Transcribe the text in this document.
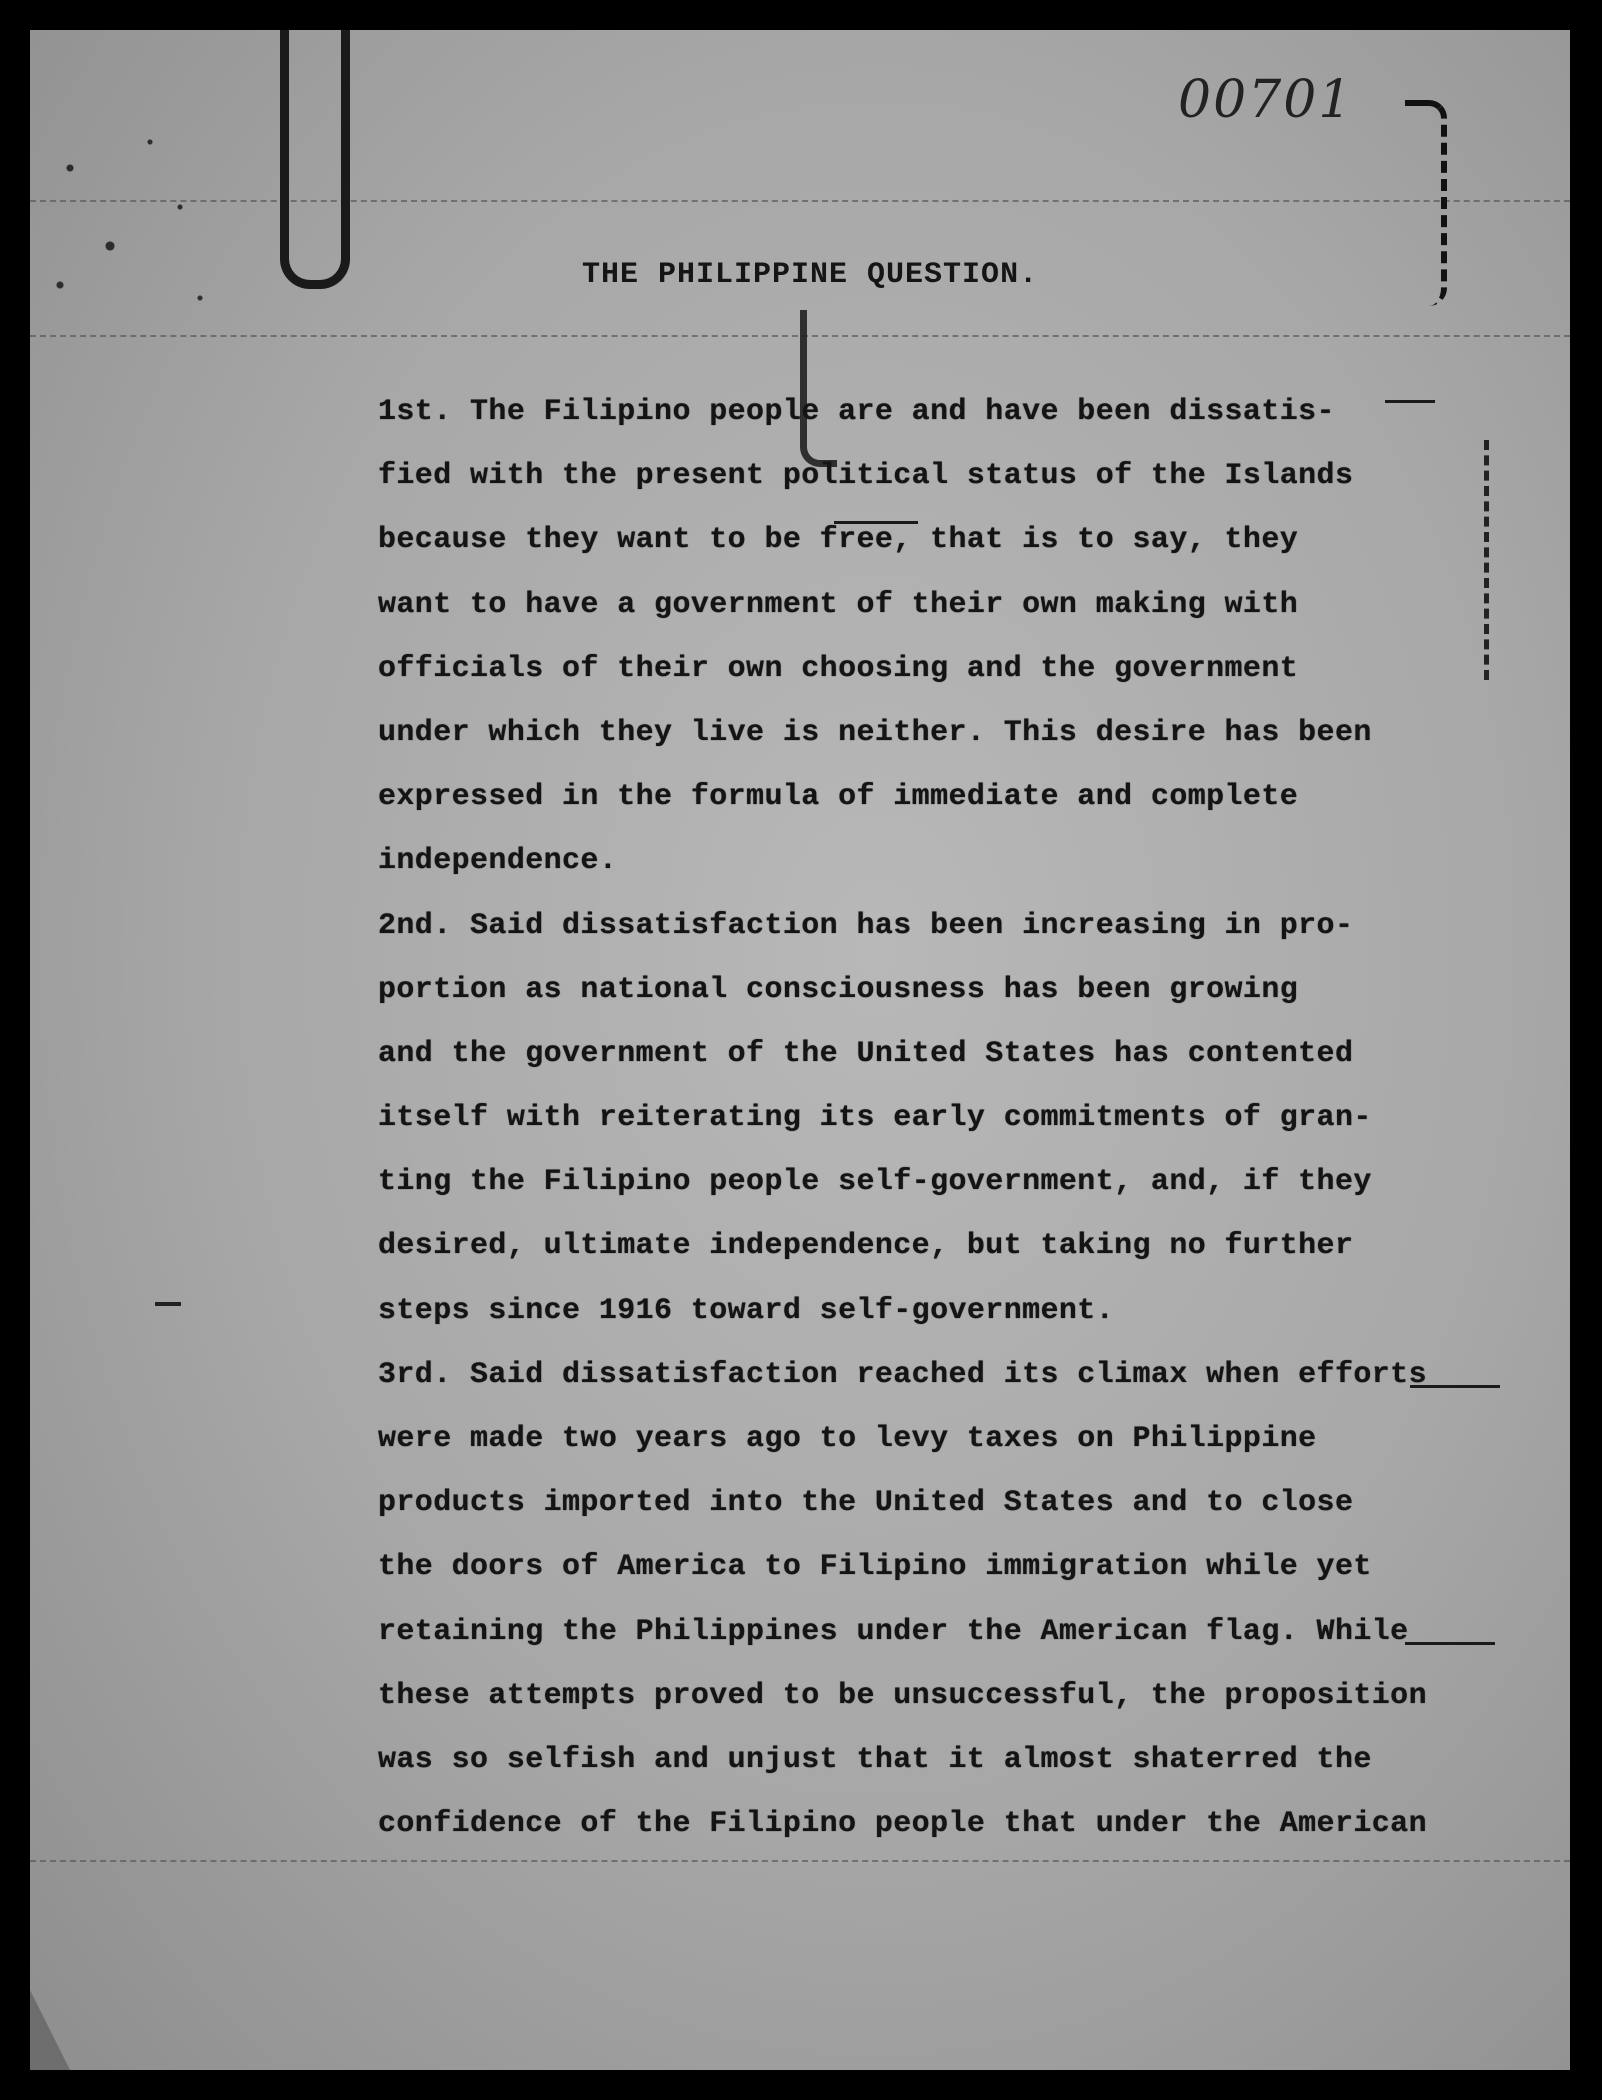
00701
THE PHILIPPINE QUESTION.
1st. The Filipino people are and have been dissatis-
fied with the present political status of the Islands
because they want to be free, that is to say, they
want to have a government of their own making with
officials of their own choosing and the government
under which they live is neither. This desire has been
expressed in the formula of immediate and complete
independence.
2nd. Said dissatisfaction has been increasing in pro-
portion as national consciousness has been growing
and the government of the United States has contented
itself with reiterating its early commitments of gran-
ting the Filipino people self-government, and, if they
desired, ultimate independence, but taking no further
steps since 1916 toward self-government.
3rd. Said dissatisfaction reached its climax when efforts
were made two years ago to levy taxes on Philippine
products imported into the United States and to close
the doors of America to Filipino immigration while yet
retaining the Philippines under the American flag. While
these attempts proved to be unsuccessful, the proposition
was so selfish and unjust that it almost shaterred the
confidence of the Filipino people that under the American
